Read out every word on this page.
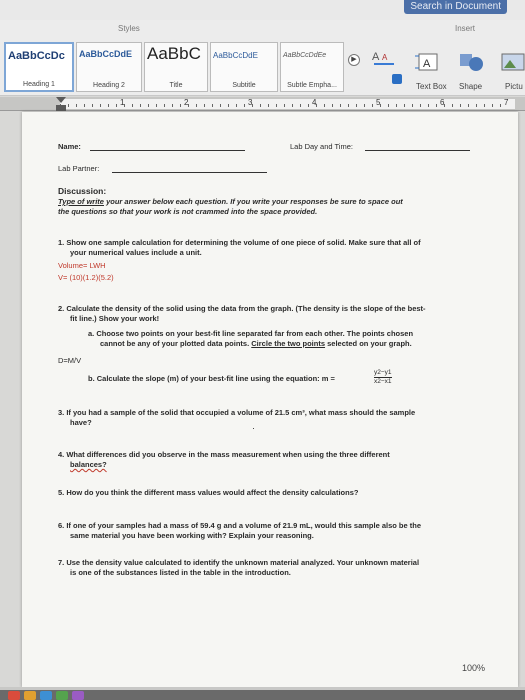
Search in Document
Styles	Insert
AaBbCcDc
Heading 1
AaBbCcDdE
Heading 2
AaBbC
Title
AaBbCcDdE
Subtitle
AaBbCcDdEe
Subtle Empha...
▶	A A
A
Text Box Shape	Pictu
1	2	3	4	5	6	7
Name:	Lab Day and Time:
Lab Partner:
Discussion:
Type of write your answer below each question. If you write your responses be sure to space out
the questions so that your work is not crammed into the space provided.
1. Show one sample calculation for determining the volume of one piece of solid. Make sure that all of
your numerical values include a unit.
Volume= LWH
V= (10)(1.2)(5.2)
2. Calculate the density of the solid using the data from the graph. (The density is the slope of the best-
fit line.) Show your work!
a. Choose two points on your best-fit line separated far from each other. The points chosen
cannot be any of your plotted data points. Circle the two points selected on your graph.
D=M/V
b. Calculate the slope (m) of your best-fit line using the equation: m =
y2−y1
x2−x1
3. If you had a sample of the solid that occupied a volume of 21.5 cm³, what mass should the sample
have?
·
4. What differences did you observe in the mass measurement when using the three different
balances?
5. How do you think the different mass values would affect the density calculations?
6. If one of your samples had a mass of 59.4 g and a volume of 21.9 mL, would this sample also be the
same material you have been working with? Explain your reasoning.
7. Use the density value calculated to identify the unknown material analyzed. Your unknown material
is one of the substances listed in the table in the introduction.
100%
